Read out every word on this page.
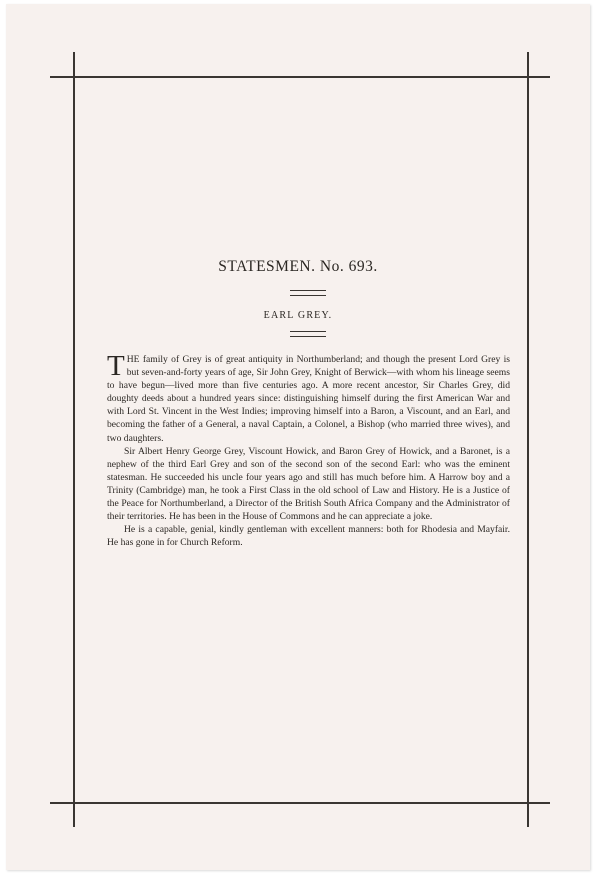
STATESMEN. No. 693.
EARL GREY.

THE family of Grey is of great antiquity in Northumberland; and though the present Lord Grey is but seven-and-forty years of age, Sir John Grey, Knight of Berwick—with whom his lineage seems to have begun—lived more than five centuries ago. A more recent ancestor, Sir Charles Grey, did doughty deeds about a hundred years since: distinguishing himself during the first American War and with Lord St. Vincent in the West Indies; improving himself into a Baron, a Viscount, and an Earl, and becoming the father of a General, a naval Captain, a Colonel, a Bishop (who married three wives), and two daughters.

Sir Albert Henry George Grey, Viscount Howick, and Baron Grey of Howick, and a Baronet, is a nephew of the third Earl Grey and son of the second son of the second Earl: who was the eminent statesman. He succeeded his uncle four years ago and still has much before him. A Harrow boy and a Trinity (Cambridge) man, he took a First Class in the old school of Law and History. He is a Justice of the Peace for Northumberland, a Director of the British South Africa Company and the Administrator of their territories. He has been in the House of Commons and he can appreciate a joke.

He is a capable, genial, kindly gentleman with excellent manners: both for Rhodesia and Mayfair. He has gone in for Church Reform.
